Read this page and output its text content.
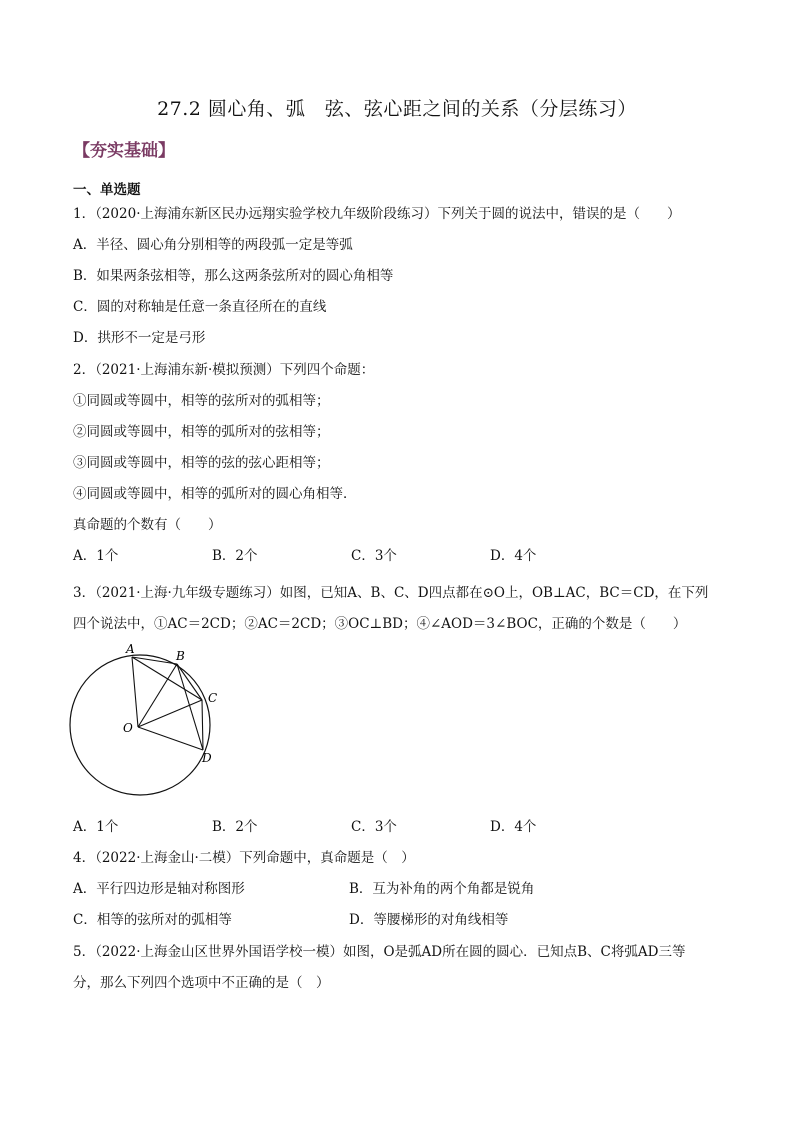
27.2 圆心角、弧　弦、弦心距之间的关系（分层练习）
【夯实基础】
一、单选题
1．（2020·上海浦东新区民办远翔实验学校九年级阶段练习）下列关于圆的说法中，错误的是（　　）
A．半径、圆心角分别相等的两段弧一定是等弧
B．如果两条弦相等，那么这两条弦所对的圆心角相等
C．圆的对称轴是任意一条直径所在的直线
D．拱形不一定是弓形
2．（2021·上海浦东新·模拟预测）下列四个命题：
①同圆或等圆中，相等的弦所对的弧相等；
②同圆或等圆中，相等的弧所对的弦相等；
③同圆或等圆中，相等的弦的弦心距相等；
④同圆或等圆中，相等的弧所对的圆心角相等．
真命题的个数有（　　）
A．1个	B．2个	C．3个	D．4个
3．（2021·上海·九年级专题练习）如图，已知A、B、C、D四点都在⊙O上，OB⊥AC，BC＝CD，在下列
四个说法中，①AC＝2CD；②AC＝2CD；③OC⊥BD；④∠AOD＝3∠BOC，正确的个数是（　　）
A	B
C
D
O
A．1个	B．2个	C．3个	D．4个
4．（2022·上海金山·二模）下列命题中，真命题是（　）
A．平行四边形是轴对称图形	B．互为补角的两个角都是锐角
C．相等的弦所对的弧相等	D．等腰梯形的对角线相等
5．（2022·上海金山区世界外国语学校一模）如图，O是弧AD所在圆的圆心．已知点B、C将弧AD三等
分，那么下列四个选项中不正确的是（　）
